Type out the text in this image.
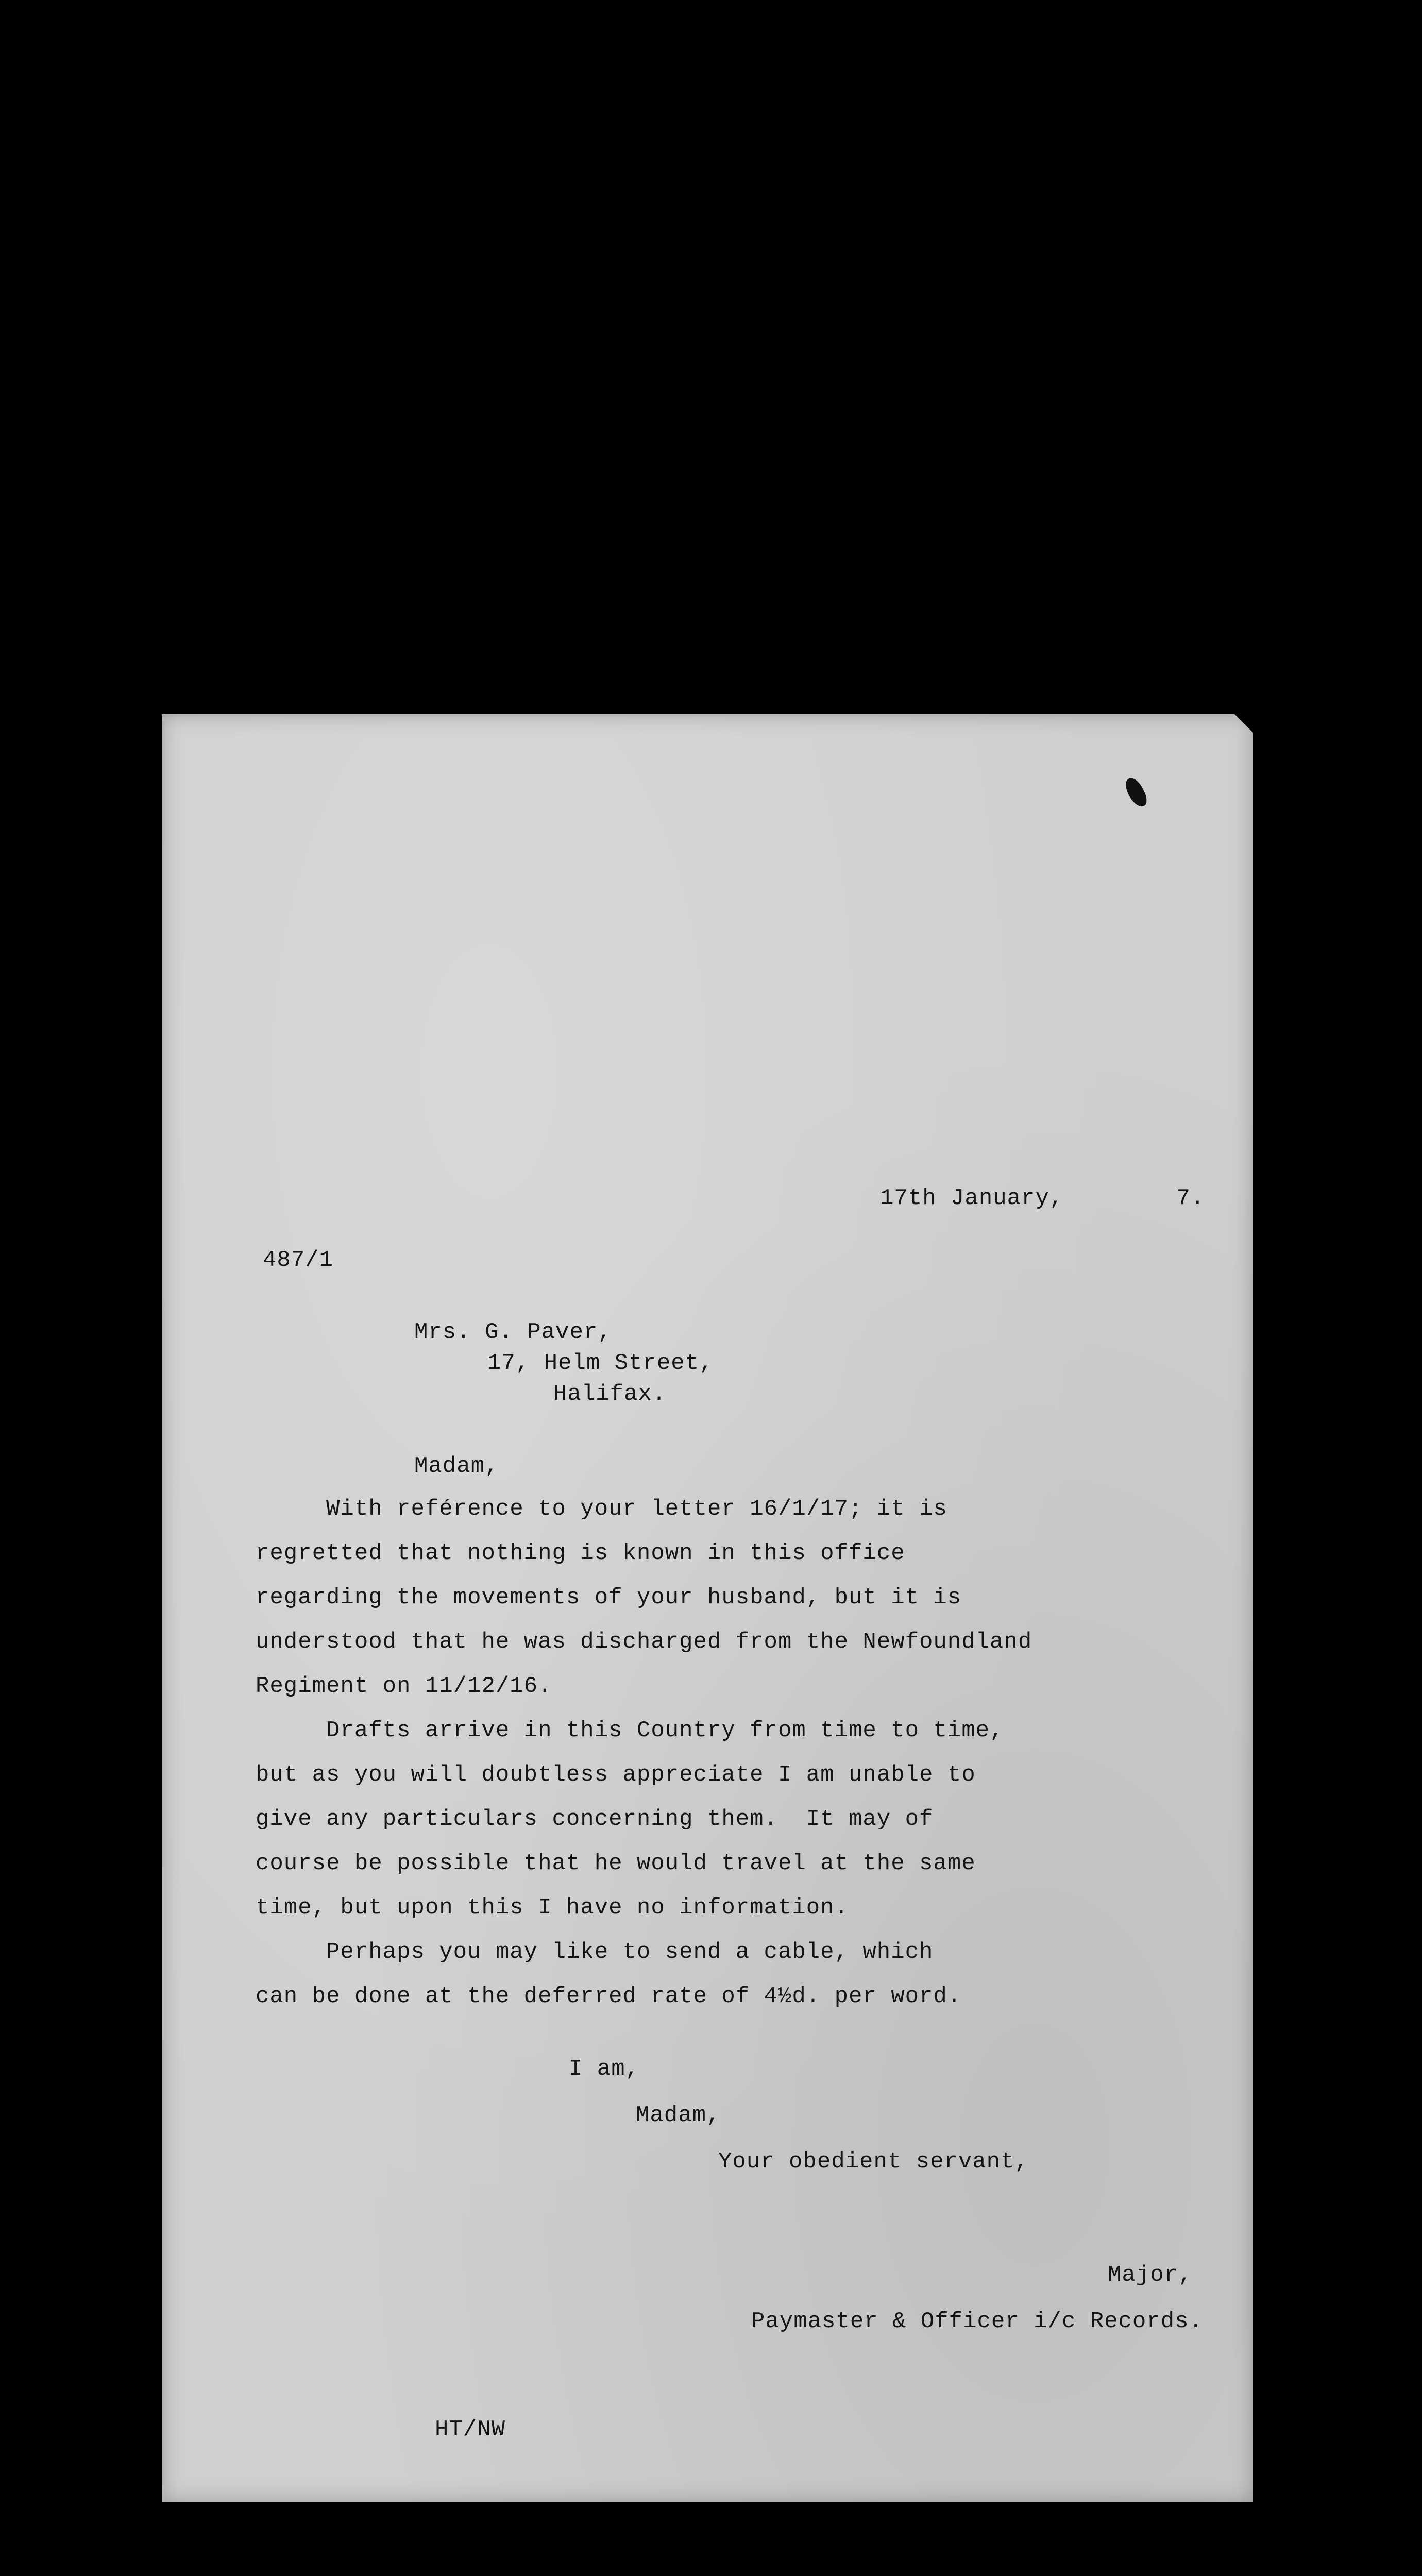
17th January,        7.
487/1
Mrs. G. Paver,
17, Helm Street,
Halifax.
Madam,

With reférence to your letter 16/1/17; it is

regretted that nothing is known in this office

regarding the movements of your husband, but it is

understood that he was discharged from the Newfoundland

Regiment on 11/12/16.

Drafts arrive in this Country from time to time,

but as you will doubtless appreciate I am unable to

give any particulars concerning them.  It may of

course be possible that he would travel at the same

time, but upon this I have no information.

Perhaps you may like to send a cable, which

can be done at the deferred rate of 4½d. per word.

I am,
Madam,
Your obedient servant,
Major,
Paymaster & Officer i/c Records.
HT/NW
